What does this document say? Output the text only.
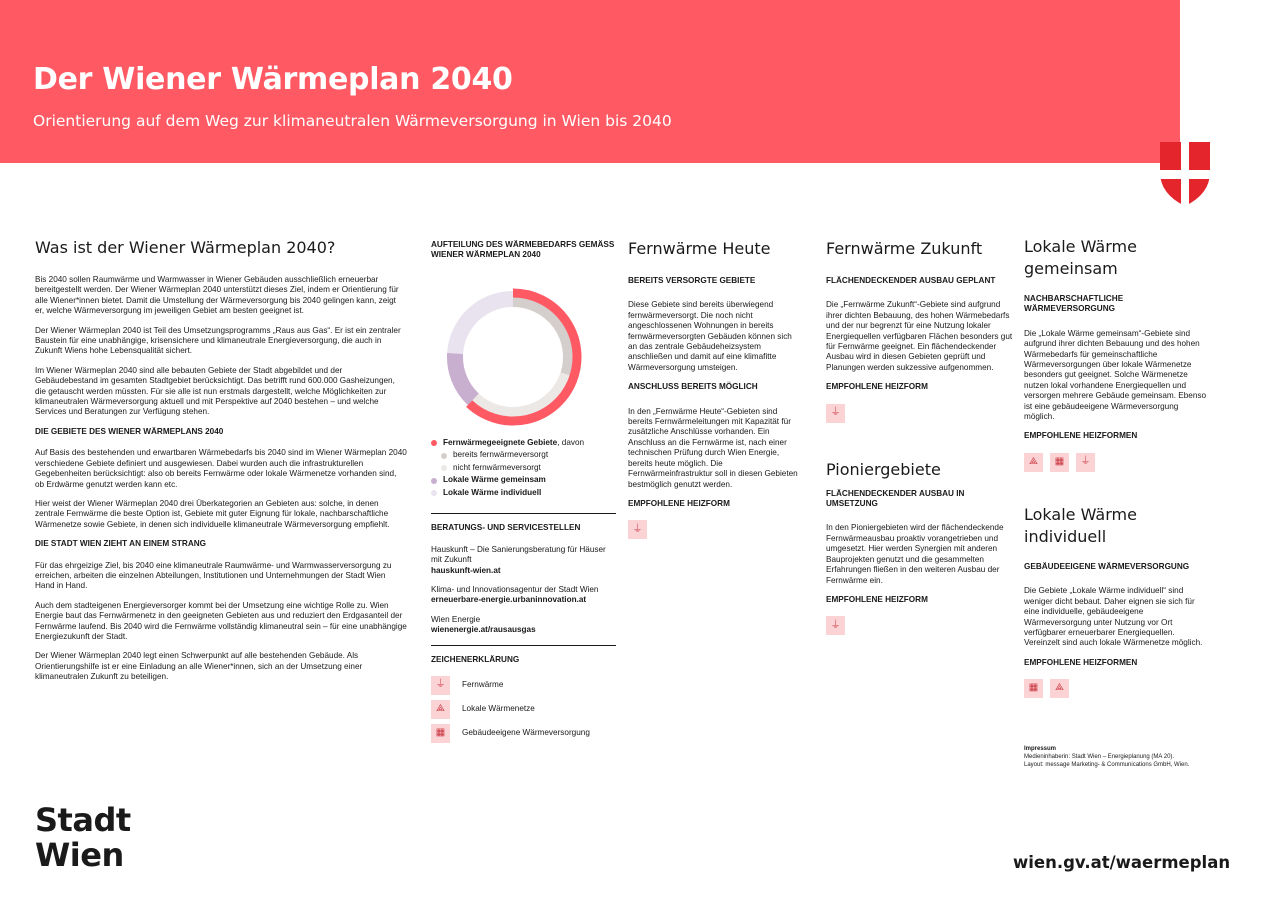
Der Wiener Wärmeplan 2040
Orientierung auf dem Weg zur klimaneutralen Wärmeversorgung in Wien bis 2040
Was ist der Wiener Wärmeplan 2040?

Bis 2040 sollen Raumwärme und Warmwasser in Wiener Gebäuden ausschließlich erneuerbar bereitgestellt werden. Der Wiener Wärmeplan 2040 unterstützt dieses Ziel, indem er Orientierung für alle Wiener*innen bietet. Damit die Umstellung der Wärmeversorgung bis 2040 gelingen kann, zeigt er, welche Wärmeversorgung im jeweiligen Gebiet am besten geeignet ist.

Der Wiener Wärmeplan 2040 ist Teil des Umsetzungsprogramms „Raus aus Gas“. Er ist ein zentraler Baustein für eine unabhängige, krisensichere und klimaneutrale Energieversorgung, die auch in Zukunft Wiens hohe Lebensqualität sichert.

Im Wiener Wärmeplan 2040 sind alle bebauten Gebiete der Stadt abgebildet und der Gebäudebestand im gesamten Stadtgebiet berücksichtigt. Das betrifft rund 600.000 Gasheizungen, die getauscht werden müssten. Für sie alle ist nun erstmals dargestellt, welche Möglichkeiten zur klimaneutralen Wärmeversorgung aktuell und mit Perspektive auf 2040 bestehen – und welche Services und Beratungen zur Verfügung stehen.

DIE GEBIETE DES WIENER WÄRMEPLANS 2040

Auf Basis des bestehenden und erwartbaren Wärmebedarfs bis 2040 sind im Wiener Wärmeplan 2040 verschiedene Gebiete definiert und ausgewiesen. Dabei wurden auch die infrastrukturellen Gegebenheiten berücksichtigt: also ob bereits Fernwärme oder lokale Wärmenetze vorhanden sind, ob Erdwärme genutzt werden kann etc.

Hier weist der Wiener Wärmeplan 2040 drei Überkategorien an Gebieten aus: solche, in denen zentrale Fernwärme die beste Option ist, Gebiete mit guter Eignung für lokale, nachbarschaftliche Wärmenetze sowie Gebiete, in denen sich individuelle klimaneutrale Wärmeversorgung empfiehlt.

DIE STADT WIEN ZIEHT AN EINEM STRANG

Für das ehrgeizige Ziel, bis 2040 eine klimaneutrale Raumwärme- und Warmwasserversorgung zu erreichen, arbeiten die einzelnen Abteilungen, Institutionen und Unternehmungen der Stadt Wien Hand in Hand.

Auch dem stadteigenen Energieversorger kommt bei der Umsetzung eine wichtige Rolle zu. Wien Energie baut das Fernwärmenetz in den geeigneten Gebieten aus und reduziert den Erdgasanteil der Fernwärme laufend. Bis 2040 wird die Fernwärme vollständig klimaneutral sein – für eine unabhängige Energiezukunft der Stadt.

Der Wiener Wärmeplan 2040 legt einen Schwerpunkt auf alle bestehenden Gebäude. Als Orientierungshilfe ist er eine Einladung an alle Wiener*innen, sich an der Umsetzung einer klimaneutralen Zukunft zu beteiligen.

AUFTEILUNG DES WÄRMEBEDARFS GEMÄSS WIENER WÄRMEPLAN 2040
Fernwärmegeeignete Gebiete , davon
bereits fernwärmeversorgt
nicht fernwärmeversorgt
Lokale Wärme gemeinsam
Lokale Wärme individuell
BERATUNGS- UND SERVICESTELLEN

Hauskunft – Die Sanierungsberatung für Häuser mit Zukunft

hauskunft-wien.at

Klima- und Innovationsagentur der Stadt Wien

erneuerbare-energie.urbaninnovation.at

Wien Energie

wienenergie.at/rausausgas

ZEICHENERKLÄRUNG
⏚	Fernwärme
⟁	Lokale Wärmenetze
▦	Gebäudeeigene Wärmeversorgung
Fernwärme Heute
BEREITS VERSORGTE GEBIETE

Diese Gebiete sind bereits überwiegend fernwärmeversorgt. Die noch nicht angeschlossenen Wohnungen in bereits fernwärmeversorgten Gebäuden können sich an das zentrale Gebäudeheizsystem anschließen und damit auf eine klimafitte Wärmeversorgung umsteigen.

ANSCHLUSS BEREITS MÖGLICH

In den „Fernwärme Heute“-Gebieten sind bereits Fernwärmeleitungen mit Kapazität für zusätzliche Anschlüsse vorhanden. Ein Anschluss an die Fernwärme ist, nach einer technischen Prüfung durch Wien Energie, bereits heute möglich. Die Fernwärmeinfrastruktur soll in diesen Gebieten bestmöglich genutzt werden.

EMPFOHLENE HEIZFORM
⏚
Fernwärme Zukunft
FLÄCHENDECKENDER AUSBAU GEPLANT

Die „Fernwärme Zukunft“-Gebiete sind aufgrund ihrer dichten Bebauung, des hohen Wärmebedarfs und der nur begrenzt für eine Nutzung lokaler Energiequellen verfügbaren Flächen besonders gut für Fernwärme geeignet. Ein flächendeckender Ausbau wird in diesen Gebieten geprüft und Planungen werden sukzessive aufgenommen.

EMPFOHLENE HEIZFORM
⏚
Pioniergebiete
FLÄCHENDECKENDER AUSBAU IN UMSETZUNG

In den Pioniergebieten wird der flächendeckende Fernwärmeausbau proaktiv vorangetrieben und umgesetzt. Hier werden Synergien mit anderen Bauprojekten genutzt und die gesammelten Erfahrungen fließen in den weiteren Ausbau der Fernwärme ein.

EMPFOHLENE HEIZFORM
⏚
Lokale Wärme gemeinsam
NACHBARSCHAFTLICHE WÄRMEVERSORGUNG

Die „Lokale Wärme gemeinsam“-Gebiete sind aufgrund ihrer dichten Bebauung und des hohen Wärmebedarfs für gemeinschaftliche Wärmeversorgungen über lokale Wärmenetze besonders gut geeignet. Solche Wärmenetze nutzen lokal vorhandene Energiequellen und versorgen mehrere Gebäude gemeinsam. Ebenso ist eine gebäudeeigene Wärmeversorgung möglich.

EMPFOHLENE HEIZFORMEN
⟁	▦	⏚
Lokale Wärme individuell
GEBÄUDEEIGENE WÄRMEVERSORGUNG

Die Gebiete „Lokale Wärme individuell“ sind weniger dicht bebaut. Daher eignen sie sich für eine individuelle, gebäudeeigene Wärmeversorgung unter Nutzung vor Ort verfügbarer erneuerbarer Energiequellen. Vereinzelt sind auch lokale Wärmenetze möglich.

EMPFOHLENE HEIZFORMEN
▦	⟁
Impressum
Medieninhaberin: Stadt Wien – Energieplanung (MA 20).
Layout: message Marketing- & Communications GmbH, Wien.
Stadt
Wien	wien.gv.at/waermeplan
